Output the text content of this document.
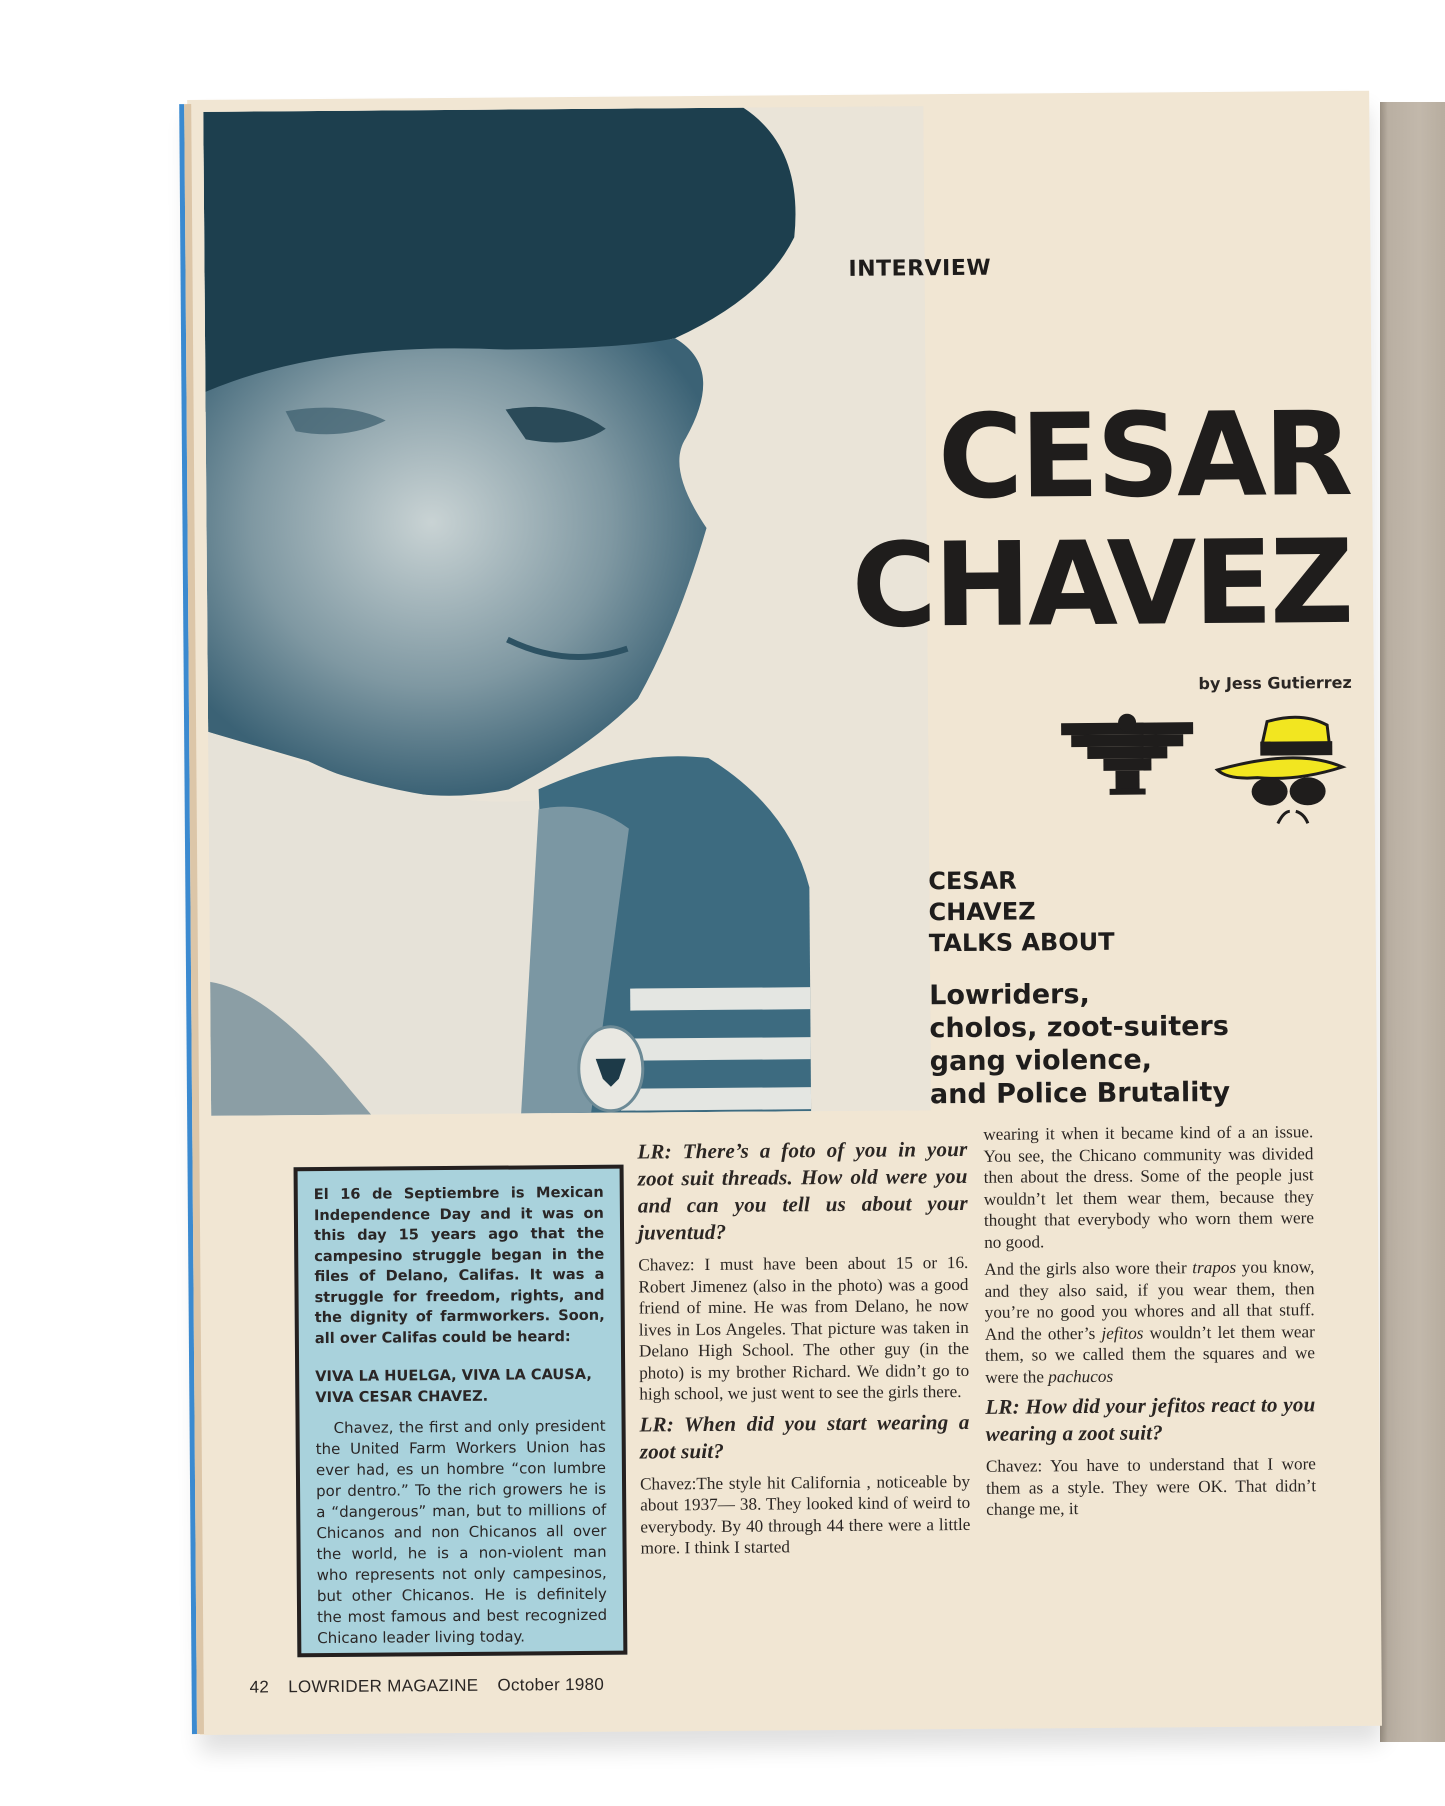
INTERVIEW
CESAR
CHAVEZ
by Jess Gutierrez
CESAR
CHAVEZ
TALKS ABOUT
Lowriders,
cholos, zoot-suiters
gang violence,
and Police Brutality

El 16 de Septiembre is Mexican Independence Day and it was on this day 15 years ago that the campesino struggle began in the files of Delano, Califas. It was a struggle for freedom, rights, and the dignity of farmworkers. Soon, all over Califas could be heard:

VIVA LA HUELGA, VIVA LA CAUSA, VIVA CESAR CHAVEZ.

Chavez, the first and only president the United Farm Workers Union has ever had, es un hombre “con lumbre por dentro.” To the rich growers he is a “dangerous” man, but to millions of Chicanos and non Chicanos all over the world, he is a non-violent man who represents not only campesinos, but other Chicanos. He is definitely the most famous and best recognized Chicano leader living today.

LR: There’s a foto of you in your zoot suit threads. How old were you and can you tell us about your juventud?

Chavez: I must have been about 15 or 16. Robert Jimenez (also in the photo) was a good friend of mine. He was from Delano, he now lives in Los Angeles. That picture was taken in Delano High School. The other guy (in the photo) is my brother Richard. We didn’t go to high school, we just went to see the girls there.

LR: When did you start wearing a zoot suit?

Chavez:The style hit California , noticeable by about 1937— 38. They looked kind of weird to everybody. By 40 through 44 there were a little more. I think I started

wearing it when it became kind of a an issue. You see, the Chicano community was divided then about the dress. Some of the people just wouldn’t let them wear them, because they thought that everybody who worn them were no good.

And the girls also wore their trapos you know, and they also said, if you wear them, then you’re no good you whores and all that stuff. And the other’s jefitos wouldn’t let them wear them, so we called them the squares and we were the pachucos

LR: How did your jefitos react to you wearing a zoot suit?

Chavez: You have to understand that I wore them as a style. They were OK. That didn’t change me, it

42 LOWRIDER MAGAZINE October 1980
